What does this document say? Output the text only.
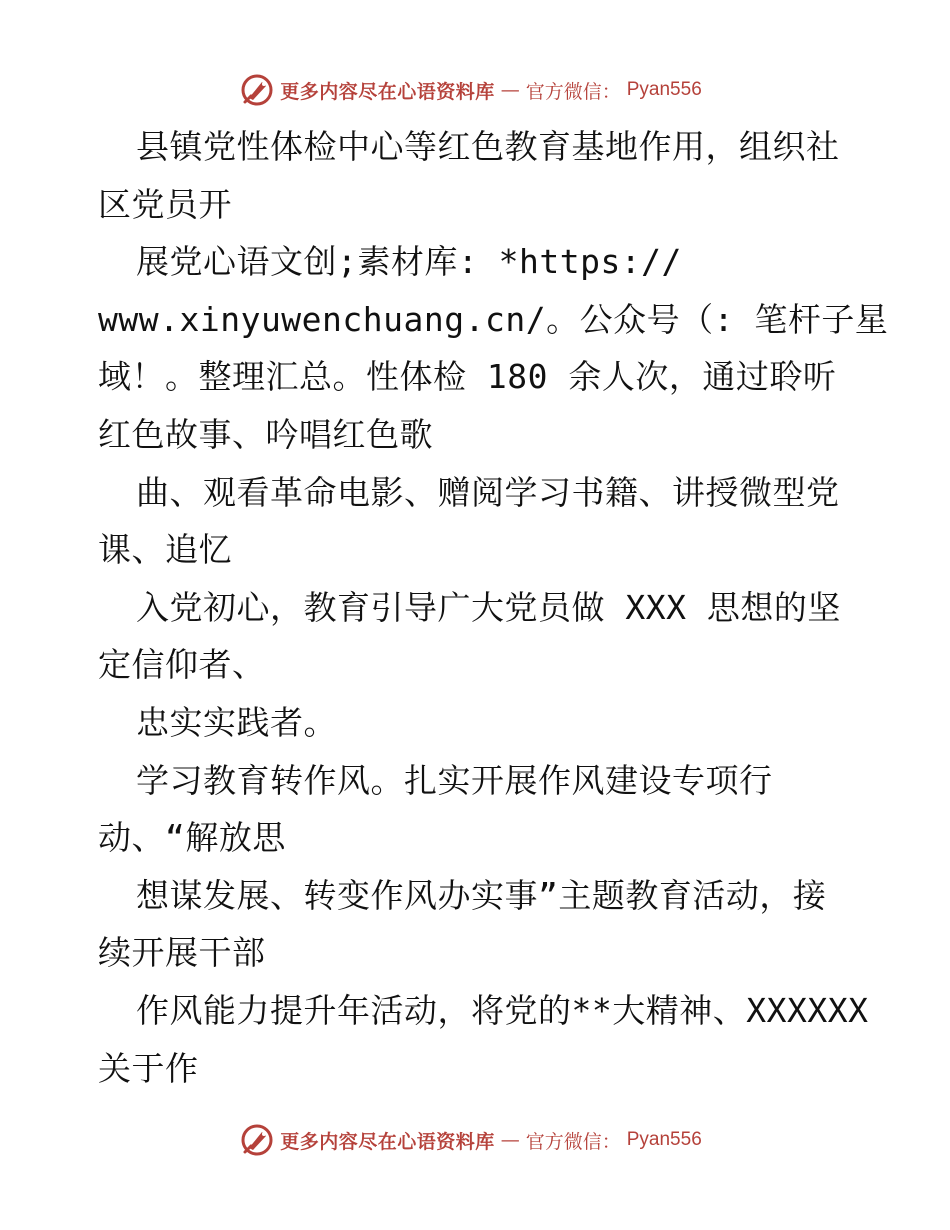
更多内容尽在心语资料库 — 官方微信： Pyan556
县镇党性体检中心等红色教育基地作用，组织社
区党员开
展党心语文创;素材库: *https://
www.xinyuwenchuang.cn/。公众号（: 笔杆子星
域！。整理汇总。性体检 180 余人次，通过聆听
红色故事、吟唱红色歌
曲、观看革命电影、赠阅学习书籍、讲授微型党
课、追忆
入党初心，教育引导广大党员做 XXX 思想的坚
定信仰者、
忠实实践者。
学习教育转作风。扎实开展作风建设专项行
动、“解放思
想谋发展、转变作风办实事”主题教育活动，接
续开展干部
作风能力提升年活动，将党的**大精神、XXXXXX
关于作
更多内容尽在心语资料库 — 官方微信： Pyan556
